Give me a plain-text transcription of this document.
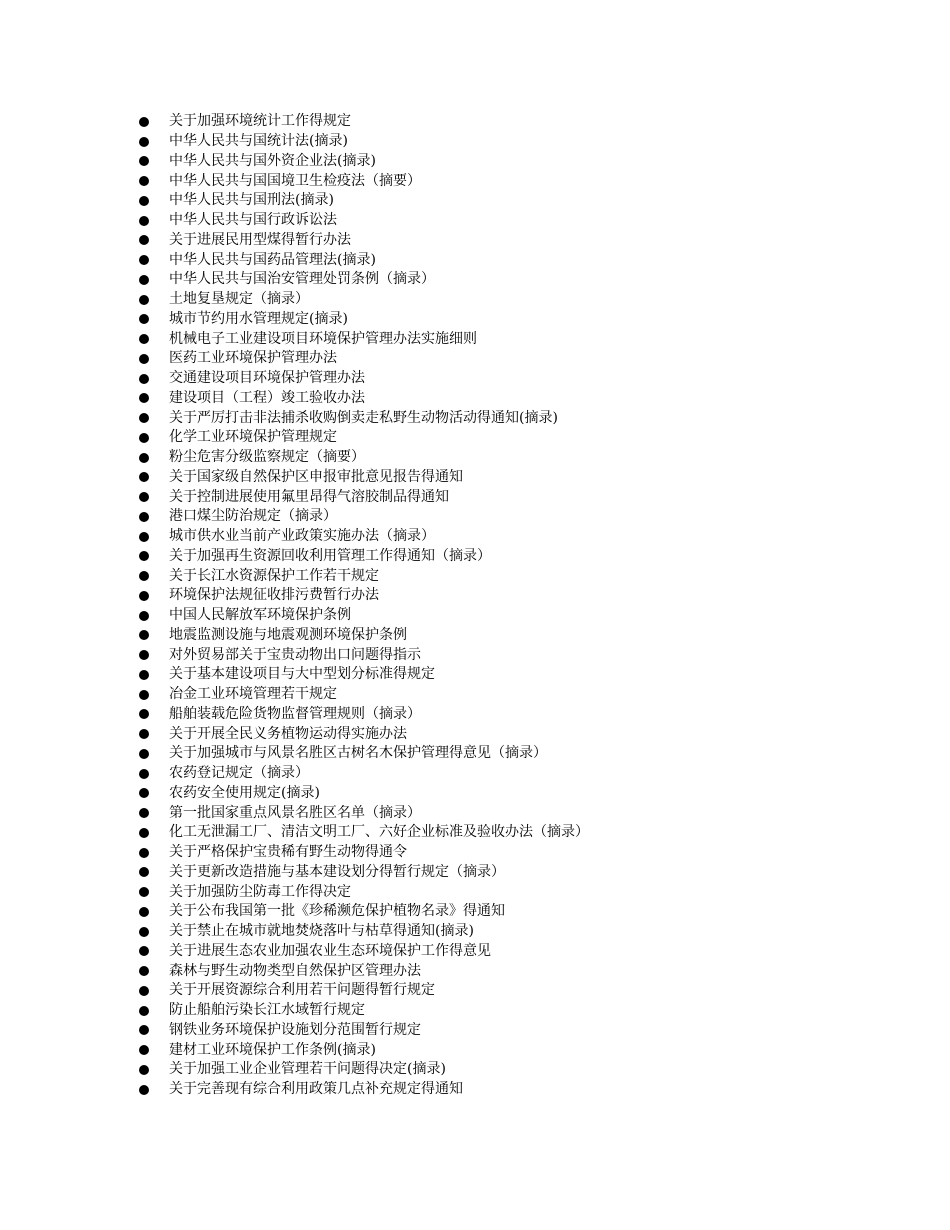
关于加强环境统计工作得规定
中华人民共与国统计法(摘录)
中华人民共与国外资企业法(摘录)
中华人民共与国国境卫生检疫法（摘要）
中华人民共与国刑法(摘录)
中华人民共与国行政诉讼法
关于进展民用型煤得暂行办法
中华人民共与国药品管理法(摘录)
中华人民共与国治安管理处罚条例（摘录）
土地复垦规定（摘录）
城市节约用水管理规定(摘录)
机械电子工业建设项目环境保护管理办法实施细则
医药工业环境保护管理办法
交通建设项目环境保护管理办法
建设项目（工程）竣工验收办法
关于严厉打击非法捕杀收购倒卖走私野生动物活动得通知(摘录)
化学工业环境保护管理规定
粉尘危害分级监察规定（摘要）
关于国家级自然保护区申报审批意见报告得通知
关于控制进展使用氟里昂得气溶胶制品得通知
港口煤尘防治规定（摘录）
城市供水业当前产业政策实施办法（摘录）
关于加强再生资源回收利用管理工作得通知（摘录）
关于长江水资源保护工作若干规定
环境保护法规征收排污费暂行办法
中国人民解放军环境保护条例
地震监测设施与地震观测环境保护条例
对外贸易部关于宝贵动物出口问题得指示
关于基本建设项目与大中型划分标准得规定
冶金工业环境管理若干规定
船舶装载危险货物监督管理规则（摘录）
关于开展全民义务植物运动得实施办法
关于加强城市与风景名胜区古树名木保护管理得意见（摘录）
农药登记规定（摘录）
农药安全使用规定(摘录)
第一批国家重点风景名胜区名单（摘录）
化工无泄漏工厂、清洁文明工厂、六好企业标准及验收办法（摘录）
关于严格保护宝贵稀有野生动物得通令
关于更新改造措施与基本建设划分得暂行规定（摘录）
关于加强防尘防毒工作得决定
关于公布我国第一批《珍稀濒危保护植物名录》得通知
关于禁止在城市就地焚烧落叶与枯草得通知(摘录)
关于进展生态农业加强农业生态环境保护工作得意见
森林与野生动物类型自然保护区管理办法
关于开展资源综合利用若干问题得暂行规定
防止船舶污染长江水域暂行规定
钢铁业务环境保护设施划分范围暂行规定
建材工业环境保护工作条例(摘录)
关于加强工业企业管理若干问题得决定(摘录)
关于完善现有综合利用政策几点补充规定得通知
